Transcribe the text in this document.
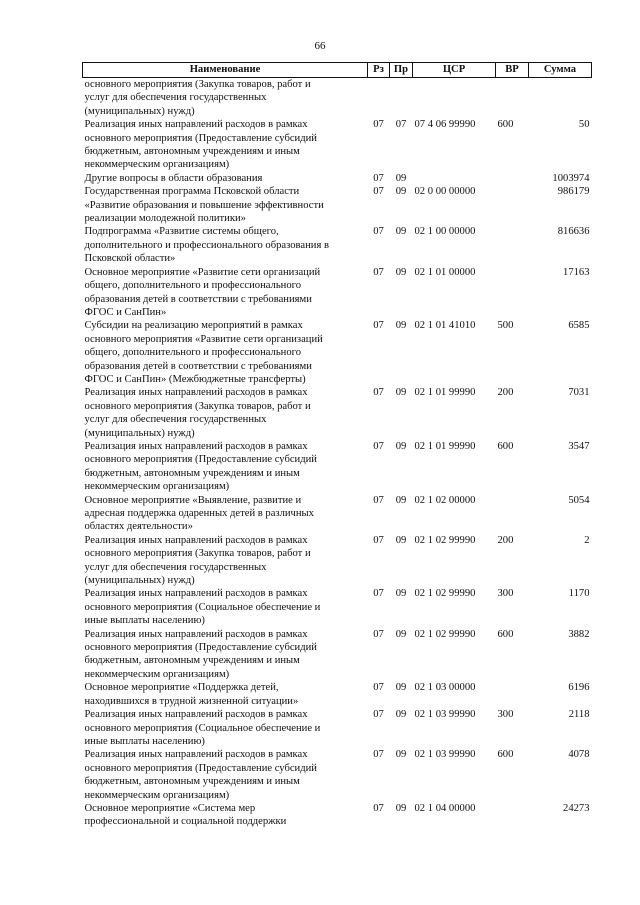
66
Наименование	Рз	Пр	ЦСР	ВР	Сумма

основного мероприятия (Закупка товаров, работ и
услуг для обеспечения государственных
(муниципальных) нужд)					

Реализация иных направлений расходов в рамках
основного мероприятия (Предоставление субсидий
бюджетным, автономным учреждениям и иным
некоммерческим организациям)	07	07	07 4 06 99990	600	50

Другие вопросы в области образования	07	09			1003974

Государственная программа Псковской области
«Развитие образования и повышение эффективности
реализации молодежной политики»	07	09	02 0 00 00000		986179

Подпрограмма «Развитие системы общего,
дополнительного и профессионального образования в
Псковской области»	07	09	02 1 00 00000		816636

Основное мероприятие «Развитие сети организаций
общего, дополнительного и профессионального
образования детей в соответствии с требованиями
ФГОС и СанПин»	07	09	02 1 01 00000		17163

Субсидии на реализацию мероприятий в рамках
основного мероприятия «Развитие сети организаций
общего, дополнительного и профессионального
образования детей в соответствии с требованиями
ФГОС и СанПин» (Межбюджетные трансферты)	07	09	02 1 01 41010	500	6585

Реализация иных направлений расходов в рамках
основного мероприятия (Закупка товаров, работ и
услуг для обеспечения государственных
(муниципальных) нужд)	07	09	02 1 01 99990	200	7031

Реализация иных направлений расходов в рамках
основного мероприятия (Предоставление субсидий
бюджетным, автономным учреждениям и иным
некоммерческим организациям)	07	09	02 1 01 99990	600	3547

Основное мероприятие «Выявление, развитие и
адресная поддержка одаренных детей в различных
областях деятельности»	07	09	02 1 02 00000		5054

Реализация иных направлений расходов в рамках
основного мероприятия (Закупка товаров, работ и
услуг для обеспечения государственных
(муниципальных) нужд)	07	09	02 1 02 99990	200	2

Реализация иных направлений расходов в рамках
основного мероприятия (Социальное обеспечение и
иные выплаты населению)	07	09	02 1 02 99990	300	1170

Реализация иных направлений расходов в рамках
основного мероприятия (Предоставление субсидий
бюджетным, автономным учреждениям и иным
некоммерческим организациям)	07	09	02 1 02 99990	600	3882

Основное мероприятие «Поддержка детей,
находившихся в трудной жизненной ситуации»	07	09	02 1 03 00000		6196

Реализация иных направлений расходов в рамках
основного мероприятия (Социальное обеспечение и
иные выплаты населению)	07	09	02 1 03 99990	300	2118

Реализация иных направлений расходов в рамках
основного мероприятия (Предоставление субсидий
бюджетным, автономным учреждениям и иным
некоммерческим организациям)	07	09	02 1 03 99990	600	4078

Основное мероприятие «Система мер
профессиональной и социальной поддержки	07	09	02 1 04 00000		24273
